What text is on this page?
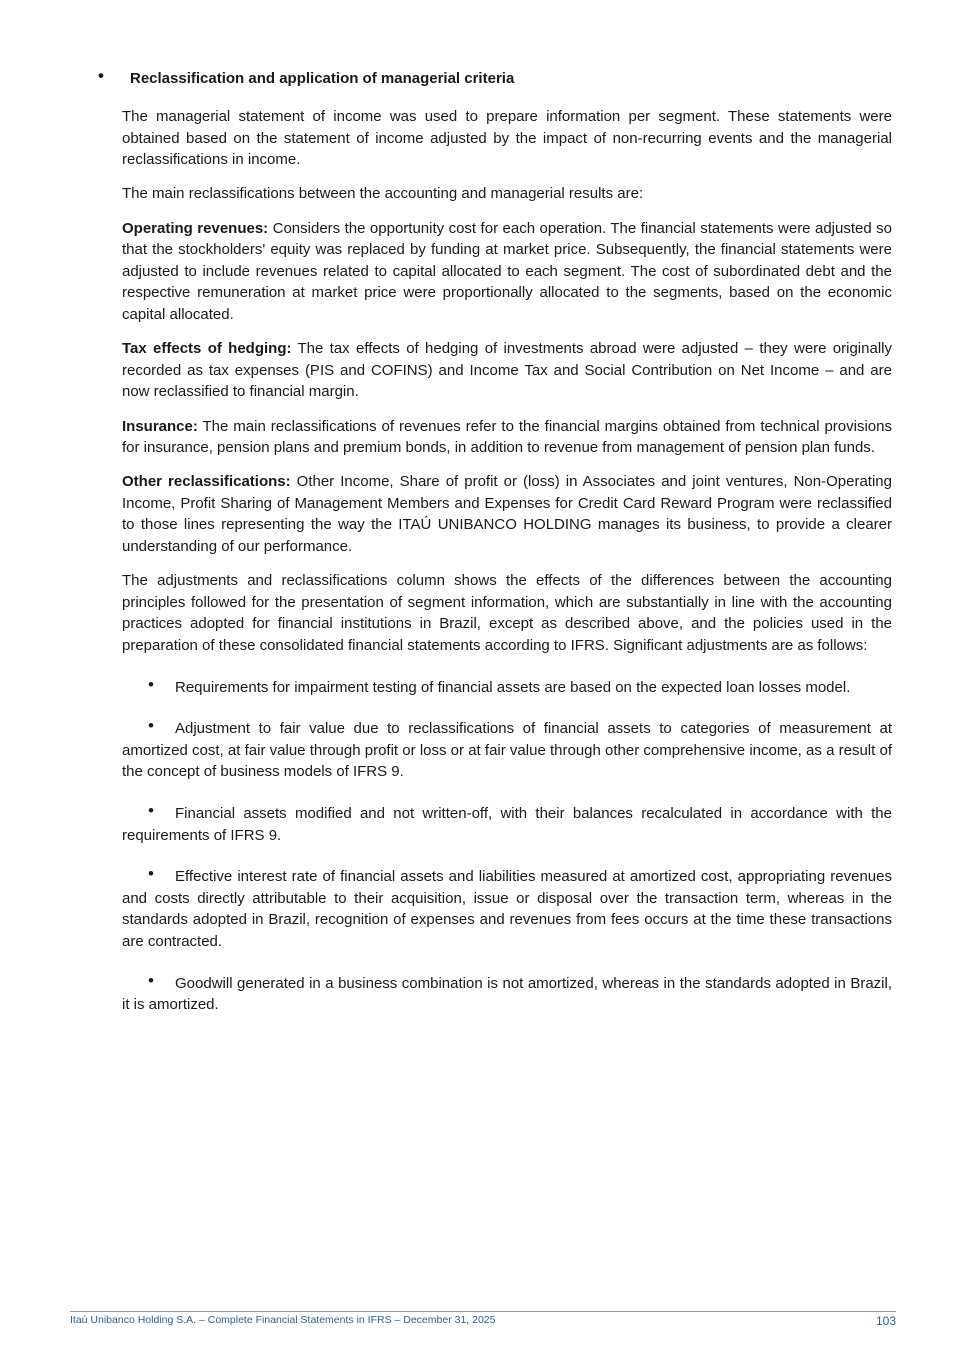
• Reclassification and application of managerial criteria

The managerial statement of income was used to prepare information per segment. These statements were obtained based on the statement of income adjusted by the impact of non-recurring events and the managerial reclassifications in income.

The main reclassifications between the accounting and managerial results are:

Operating revenues: Considers the opportunity cost for each operation. The financial statements were adjusted so that the stockholders' equity was replaced by funding at market price. Subsequently, the financial statements were adjusted to include revenues related to capital allocated to each segment. The cost of subordinated debt and the respective remuneration at market price were proportionally allocated to the segments, based on the economic capital allocated.

Tax effects of hedging: The tax effects of hedging of investments abroad were adjusted – they were originally recorded as tax expenses (PIS and COFINS) and Income Tax and Social Contribution on Net Income – and are now reclassified to financial margin.

Insurance: The main reclassifications of revenues refer to the financial margins obtained from technical provisions for insurance, pension plans and premium bonds, in addition to revenue from management of pension plan funds.

Other reclassifications: Other Income, Share of profit or (loss) in Associates and joint ventures, Non-Operating Income, Profit Sharing of Management Members and Expenses for Credit Card Reward Program were reclassified to those lines representing the way the ITAÚ UNIBANCO HOLDING manages its business, to provide a clearer understanding of our performance.

The adjustments and reclassifications column shows the effects of the differences between the accounting principles followed for the presentation of segment information, which are substantially in line with the accounting practices adopted for financial institutions in Brazil, except as described above, and the policies used in the preparation of these consolidated financial statements according to IFRS. Significant adjustments are as follows:

• Requirements for impairment testing of financial assets are based on the expected loan losses model.
• Adjustment to fair value due to reclassifications of financial assets to categories of measurement at amortized cost, at fair value through profit or loss or at fair value through other comprehensive income, as a result of the concept of business models of IFRS 9.
• Financial assets modified and not written-off, with their balances recalculated in accordance with the requirements of IFRS 9.
• Effective interest rate of financial assets and liabilities measured at amortized cost, appropriating revenues and costs directly attributable to their acquisition, issue or disposal over the transaction term, whereas in the standards adopted in Brazil, recognition of expenses and revenues from fees occurs at the time these transactions are contracted.
• Goodwill generated in a business combination is not amortized, whereas in the standards adopted in Brazil, it is amortized.
Itaú Unibanco Holding S.A. – Complete Financial Statements in IFRS – December 31, 2025	103
